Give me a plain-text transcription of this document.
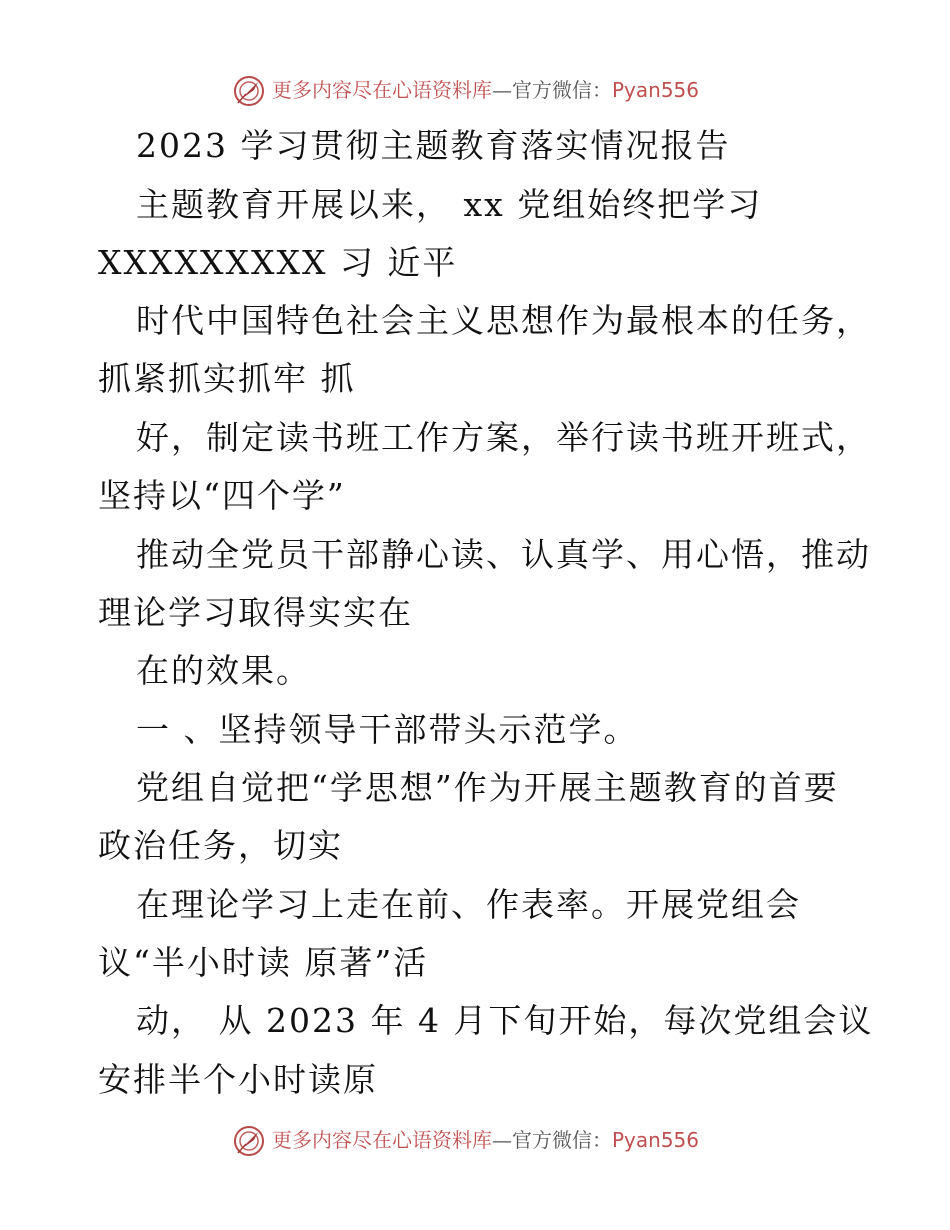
更多内容尽在心语资料库—官方微信：Pyan556
2023 学习贯彻主题教育落实情况报告
主题教育开展以来， xx 党组始终把学习
XXXXXXXXX 习 近平
时代中国特色社会主义思想作为最根本的任务，
抓紧抓实抓牢 抓
好，制定读书班工作方案，举行读书班开班式，
坚持以“四个学”
推动全党员干部静心读、认真学、用心悟，推动
理论学习取得实实在
在的效果。
一 、坚持领导干部带头示范学。
党组自觉把“学思想”作为开展主题教育的首要
政治任务，切实
在理论学习上走在前、作表率。开展党组会
议“半小时读 原著”活
动， 从 2023 年 4 月下旬开始，每次党组会议
安排半个小时读原
更多内容尽在心语资料库—官方微信：Pyan556
